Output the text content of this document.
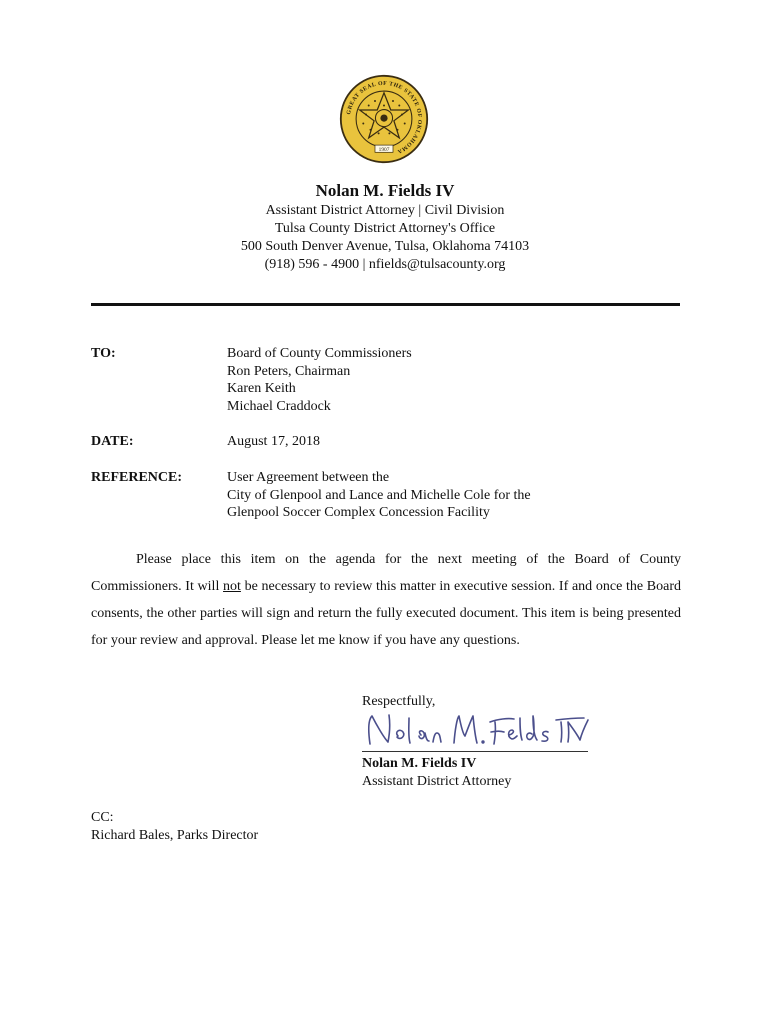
GREAT SEAL OF THE STATE OF OKLAHOMA
1907
Nolan M. Fields IV
Assistant District Attorney | Civil Division
Tulsa County District Attorney's Office
500 South Denver Avenue, Tulsa, Oklahoma 74103
(918) 596 - 4900 | nfields@tulsacounty.org
TO:	Board of County Commissioners
Ron Peters, Chairman
Karen Keith
Michael Craddock
DATE:	August 17, 2018
REFERENCE:	User Agreement between the
City of Glenpool and Lance and Michelle Cole for the
Glenpool Soccer Complex Concession Facility

Please place this item on the agenda for the next meeting of the Board of County Commissioners. It will not be necessary to review this matter in executive session. If and once the Board consents, the other parties will sign and return the fully executed document. This item is being presented for your review and approval. Please let me know if you have any questions.

Respectfully,
Nolan M. Fields IV
Assistant District Attorney
CC:
Richard Bales, Parks Director
